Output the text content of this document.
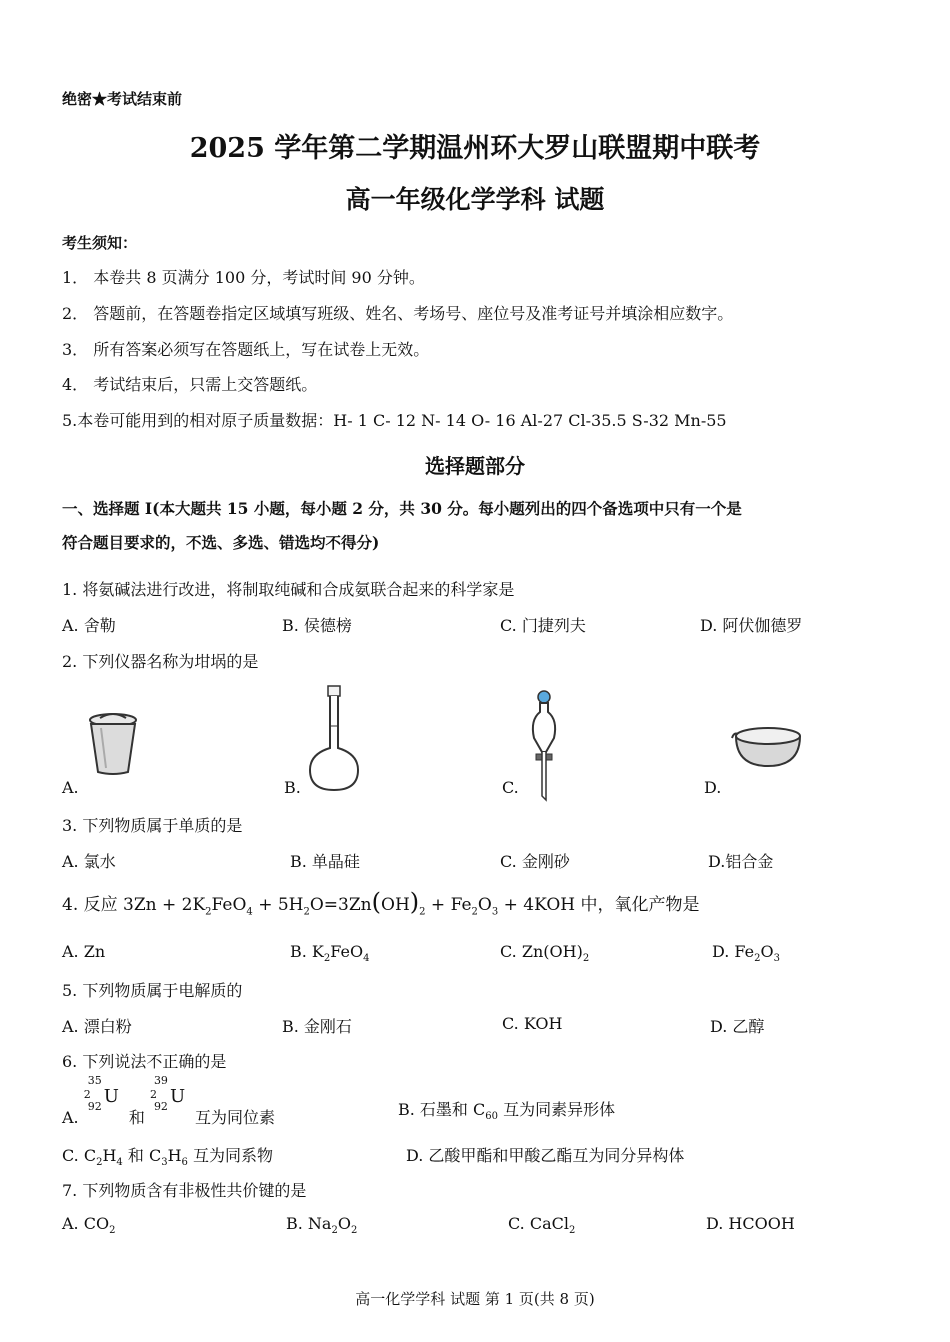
绝密★考试结束前
2025 学年第二学期温州环大罗山联盟期中联考
高一年级化学学科 试题
考生须知：
1． 本卷共 8 页满分 100 分，考试时间 90 分钟。
2． 答题前，在答题卷指定区域填写班级、姓名、考场号、座位号及准考证号并填涂相应数字。
3． 所有答案必须写在答题纸上，写在试卷上无效。
4． 考试结束后，只需上交答题纸。
5.本卷可能用到的相对原子质量数据：H- 1 C- 12 N- 14 O- 16 Al-27 Cl-35.5 S-32 Mn-55
选择题部分
一、选择题 Ⅰ(本大题共 15 小题，每小题 2 分，共 30 分。每小题列出的四个备选项中只有一个是
符合题目要求的，不选、多选、错选均不得分)
1. 将氨碱法进行改进，将制取纯碱和合成氨联合起来的科学家是
A. 舍勒	B. 侯德榜	C. 门捷列夫	D. 阿伏伽德罗
2. 下列仪器名称为坩埚的是
A.	B.	C.	D.
3. 下列物质属于单质的是
A. 氯水	B. 单晶硅	C. 金刚砂	D.铝合金
4. 反应 $3Zn + 2K_2FeO_4 + 5H_2O=3Zn(OH)_2 + Fe_2O_3 + 4KOH$ 中，氧化产物是
A. Zn	B. $K_2FeO_4$	C. $Zn(OH)_2$	D. $Fe_2O_3$
5. 下列物质属于电解质的
A. 漂白粉	B. 金刚石	C. KOH	D. 乙醇
6. 下列说法不正确的是
A.
35
2
92 U
和
39
2
92 U
互为同位素	B. 石墨和 $C_{60}$ 互为同素异形体
C. $C_2H_4$ 和 $C_3H_6$ 互为同系物	D. 乙酸甲酯和甲酸乙酯互为同分异构体
7. 下列物质含有非极性共价键的是
A. $CO_2$	B. $Na_2O_2$	C. CaCl$_2$	D. HCOOH
高一化学学科 试题 第 1 页(共 8 页)
